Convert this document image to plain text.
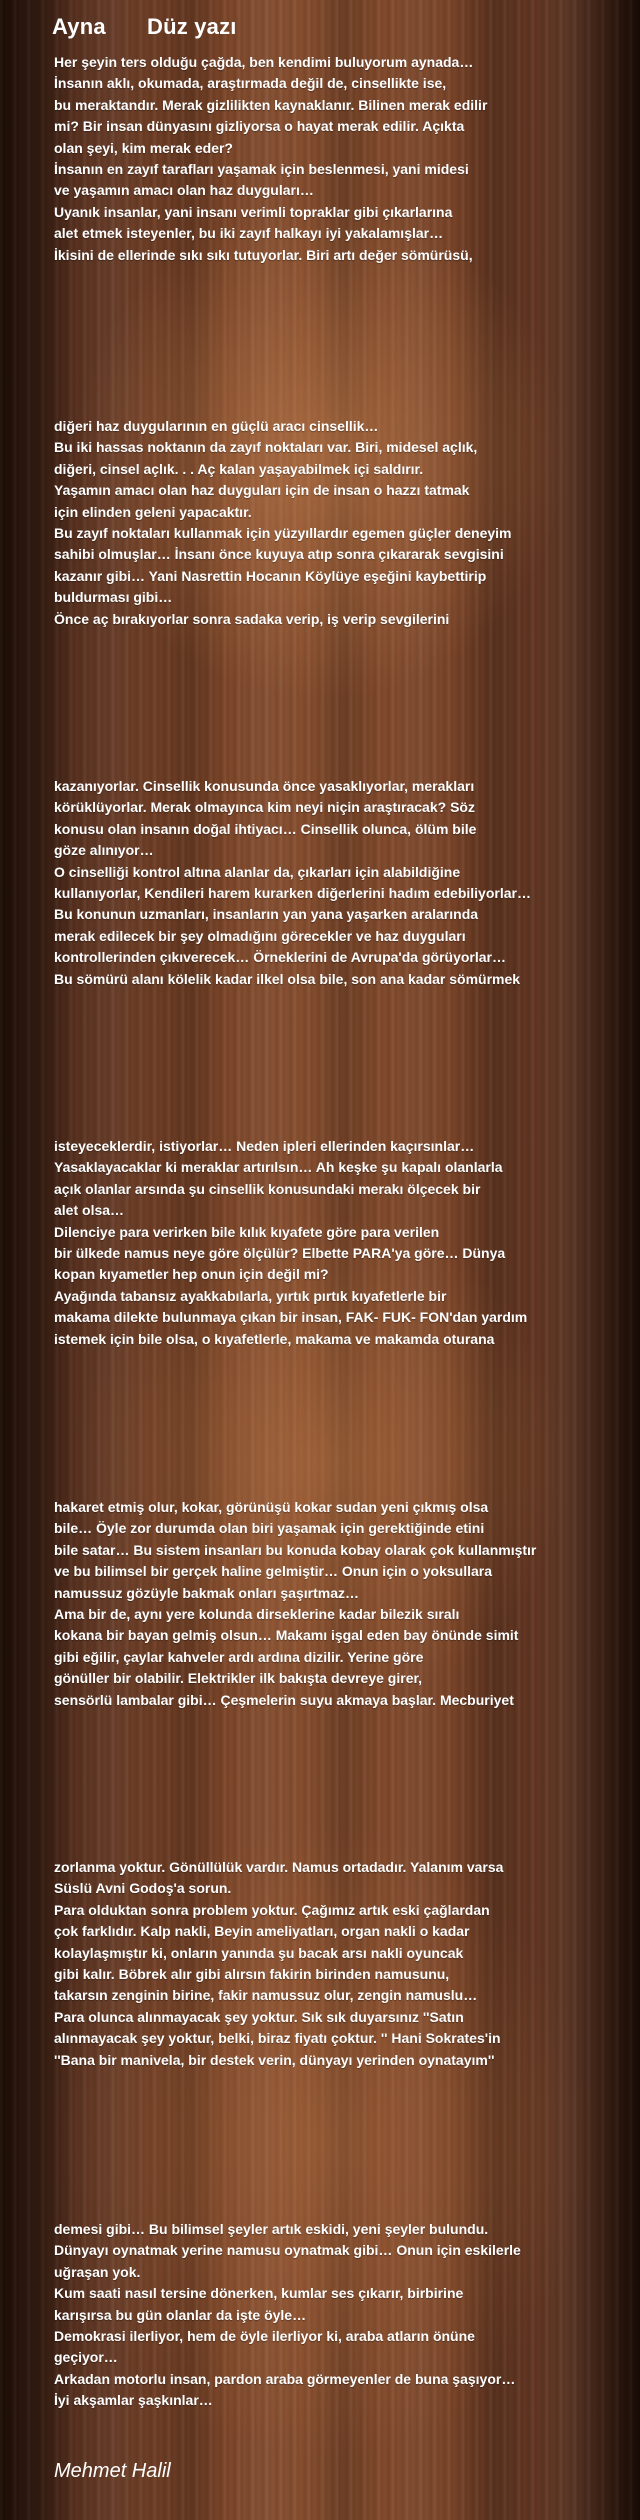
Ayna Düz yazı
Her şeyin ters olduğu çağda, ben kendimi buluyorum aynada…
İnsanın aklı, okumada, araştırmada değil de, cinsellikte ise,
bu meraktandır. Merak gizlilikten kaynaklanır. Bilinen merak edilir
mi? Bir insan dünyasını gizliyorsa o hayat merak edilir. Açıkta
olan şeyi, kim merak eder?
İnsanın en zayıf tarafları yaşamak için beslenmesi, yani midesi
ve yaşamın amacı olan haz duyguları…
Uyanık insanlar, yani insanı verimli topraklar gibi çıkarlarına
alet etmek isteyenler, bu iki zayıf halkayı iyi yakalamışlar…
İkisini de ellerinde sıkı sıkı tutuyorlar. Biri artı değer sömürüsü,
diğeri haz duygularının en güçlü aracı cinsellik…
Bu iki hassas noktanın da zayıf noktaları var. Biri, midesel açlık,
diğeri, cinsel açlık. . . Aç kalan yaşayabilmek içi saldırır.
Yaşamın amacı olan haz duyguları için de insan o hazzı tatmak
için elinden geleni yapacaktır.
Bu zayıf noktaları kullanmak için yüzyıllardır egemen güçler deneyim
sahibi olmuşlar… İnsanı önce kuyuya atıp sonra çıkararak sevgisini
kazanır gibi… Yani Nasrettin Hocanın Köylüye eşeğini kaybettirip
buldurması gibi…
Önce aç bırakıyorlar sonra sadaka verip, iş verip sevgilerini
kazanıyorlar. Cinsellik konusunda önce yasaklıyorlar, merakları
körüklüyorlar. Merak olmayınca kim neyi niçin araştıracak? Söz
konusu olan insanın doğal ihtiyacı… Cinsellik olunca, ölüm bile
göze alınıyor…
O cinselliği kontrol altına alanlar da, çıkarları için alabildiğine
kullanıyorlar, Kendileri harem kurarken diğerlerini hadım edebiliyorlar…
Bu konunun uzmanları, insanların yan yana yaşarken aralarında
merak edilecek bir şey olmadığını görecekler ve haz duyguları
kontrollerinden çıkıverecek… Örneklerini de Avrupa'da görüyorlar…
Bu sömürü alanı kölelik kadar ilkel olsa bile, son ana kadar sömürmek
isteyeceklerdir, istiyorlar… Neden ipleri ellerinden kaçırsınlar…
Yasaklayacaklar ki meraklar artırılsın… Ah keşke şu kapalı olanlarla
açık olanlar arsında şu cinsellik konusundaki merakı ölçecek bir
alet olsa…
Dilenciye para verirken bile kılık kıyafete göre para verilen
bir ülkede namus neye göre ölçülür? Elbette PARA'ya göre… Dünya
kopan kıyametler hep onun için değil mi?
Ayağında tabansız ayakkabılarla, yırtık pırtık kıyafetlerle bir
makama dilekte bulunmaya çıkan bir insan, FAK- FUK- FON'dan yardım
istemek için bile olsa, o kıyafetlerle, makama ve makamda oturana
hakaret etmiş olur, kokar, görünüşü kokar sudan yeni çıkmış olsa
bile… Öyle zor durumda olan biri yaşamak için gerektiğinde etini
bile satar… Bu sistem insanları bu konuda kobay olarak çok kullanmıştır
ve bu bilimsel bir gerçek haline gelmiştir… Onun için o yoksullara
namussuz gözüyle bakmak onları şaşırtmaz…
Ama bir de, aynı yere kolunda dirseklerine kadar bilezik sıralı
kokana bir bayan gelmiş olsun… Makamı işgal eden bay önünde simit
gibi eğilir, çaylar kahveler ardı ardına dizilir. Yerine göre
gönüller bir olabilir. Elektrikler ilk bakışta devreye girer,
sensörlü lambalar gibi… Çeşmelerin suyu akmaya başlar. Mecburiyet
zorlanma yoktur. Gönüllülük vardır. Namus ortadadır. Yalanım varsa
Süslü Avni Godoş'a sorun.
Para olduktan sonra problem yoktur. Çağımız artık eski çağlardan
çok farklıdır. Kalp nakli, Beyin ameliyatları, organ nakli o kadar
kolaylaşmıştır ki, onların yanında şu bacak arsı nakli oyuncak
gibi kalır. Böbrek alır gibi alırsın fakirin birinden namusunu,
takarsın zenginin birine, fakir namussuz olur, zengin namuslu…
Para olunca alınmayacak şey yoktur. Sık sık duyarsınız ''Satın
alınmayacak şey yoktur, belki, biraz fiyatı çoktur. '' Hani Sokrates'in
''Bana bir manivela, bir destek verin, dünyayı yerinden oynatayım''
demesi gibi… Bu bilimsel şeyler artık eskidi, yeni şeyler bulundu.
Dünyayı oynatmak yerine namusu oynatmak gibi… Onun için eskilerle
uğraşan yok.
Kum saati nasıl tersine dönerken, kumlar ses çıkarır, birbirine
karışırsa bu gün olanlar da işte öyle…
Demokrasi ilerliyor, hem de öyle ilerliyor ki, araba atların önüne
geçiyor…
Arkadan motorlu insan, pardon araba görmeyenler de buna şaşıyor…
İyi akşamlar şaşkınlar…
Mehmet Halil
